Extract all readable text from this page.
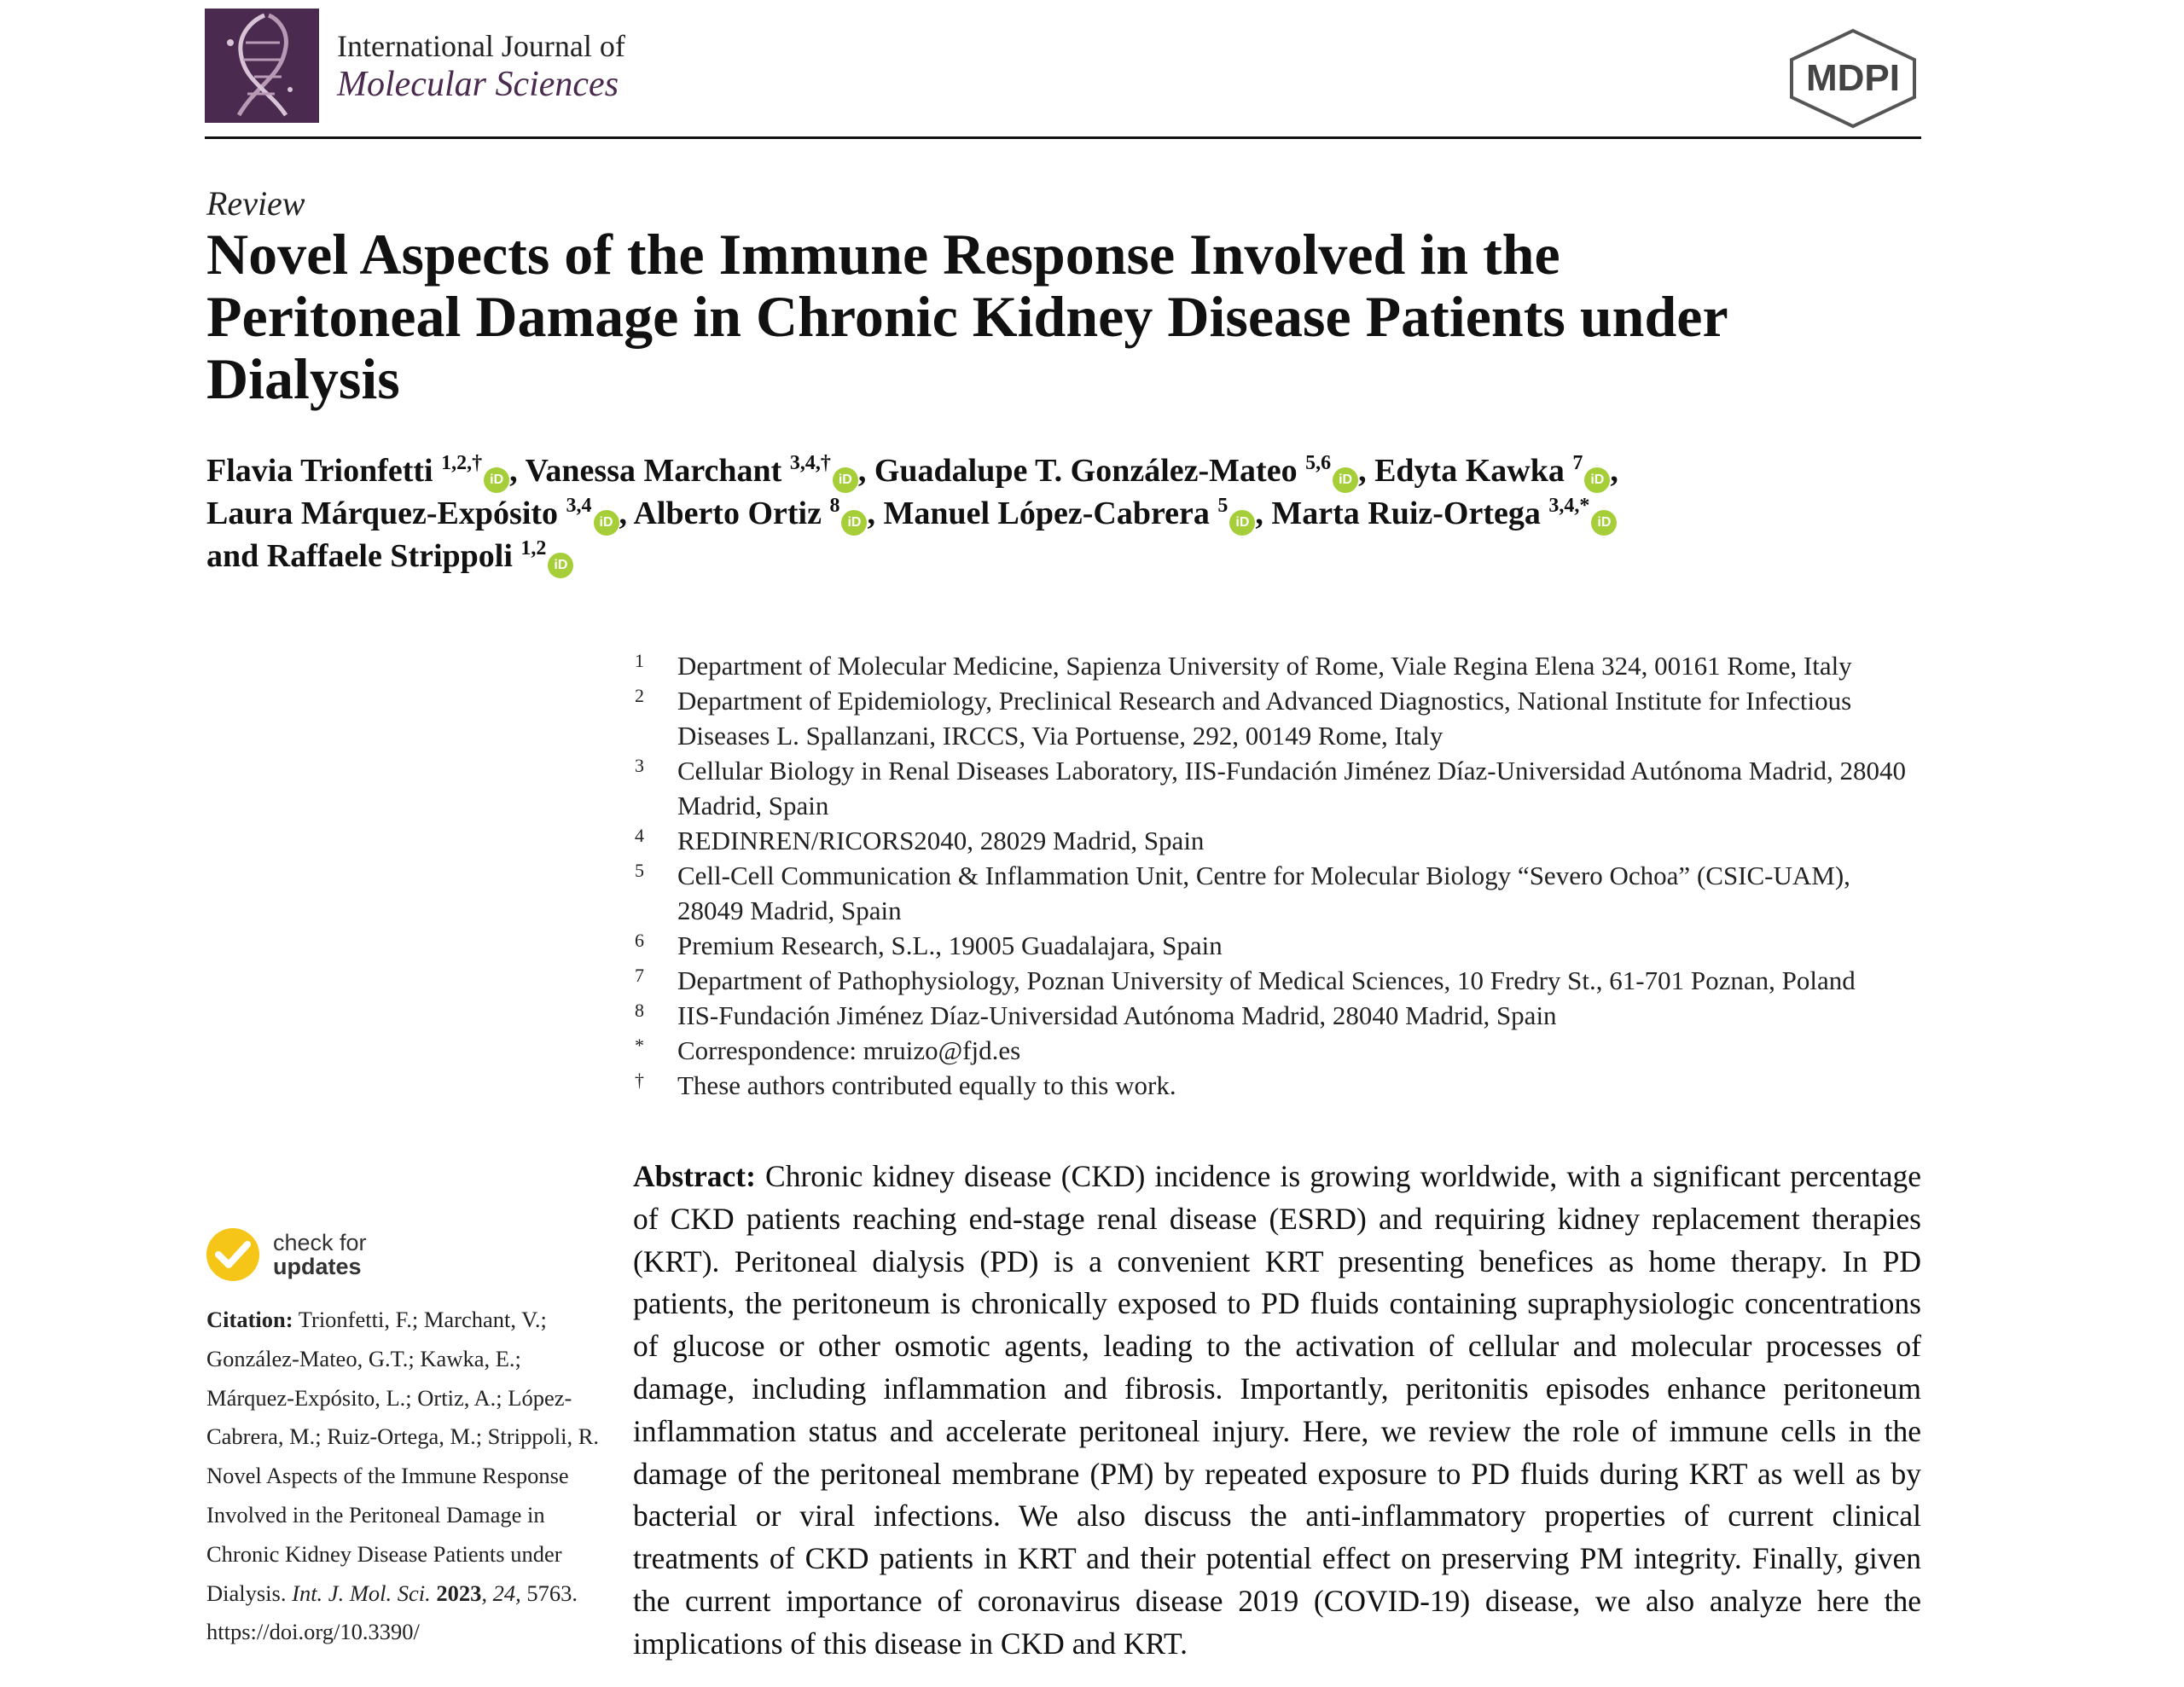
International Journal of
Molecular Sciences	MDPI
Review
Novel Aspects of the Immune Response Involved in the Peritoneal Damage in Chronic Kidney Disease Patients under Dialysis
Flavia Trionfetti $^{1,2,\dagger}$iD , Vanessa Marchant $^{3,4,\dagger}$iD , Guadalupe T. González-Mateo $^{5,6}$iD , Edyta Kawka $^7$iD ,
Laura Márquez-Expósito $^{3,4}$iD , Alberto Ortiz $^8$iD , Manuel López-Cabrera $^5$iD , Marta Ruiz-Ortega $^{3,4,*}$iD
and Raffaele Strippoli $^{1,2}$iD
1	Department of Molecular Medicine, Sapienza University of Rome, Viale Regina Elena 324, 00161 Rome, Italy
2	Department of Epidemiology, Preclinical Research and Advanced Diagnostics, National Institute for Infectious Diseases L. Spallanzani, IRCCS, Via Portuense, 292, 00149 Rome, Italy
3	Cellular Biology in Renal Diseases Laboratory, IIS-Fundación Jiménez Díaz-Universidad Autónoma Madrid, 28040 Madrid, Spain
4	REDINREN/RICORS2040, 28029 Madrid, Spain
5	Cell-Cell Communication & Inflammation Unit, Centre for Molecular Biology “Severo Ochoa” (CSIC-UAM), 28049 Madrid, Spain
6	Premium Research, S.L., 19005 Guadalajara, Spain
7	Department of Pathophysiology, Poznan University of Medical Sciences, 10 Fredry St., 61-701 Poznan, Poland
8	IIS-Fundación Jiménez Díaz-Universidad Autónoma Madrid, 28040 Madrid, Spain
*	Correspondence: mruizo@fjd.es
†	These authors contributed equally to this work.
Abstract: Chronic kidney disease (CKD) incidence is growing worldwide, with a significant percentage of CKD patients reaching end-stage renal disease (ESRD) and requiring kidney replacement therapies (KRT). Peritoneal dialysis (PD) is a convenient KRT presenting benefices as home therapy. In PD patients, the peritoneum is chronically exposed to PD fluids containing supraphysiologic concentrations of glucose or other osmotic agents, leading to the activation of cellular and molecular processes of damage, including inflammation and fibrosis. Importantly, peritonitis episodes enhance peritoneum inflammation status and accelerate peritoneal injury. Here, we review the role of immune cells in the damage of the peritoneal membrane (PM) by repeated exposure to PD fluids during KRT as well as by bacterial or viral infections. We also discuss the anti-inflammatory properties of current clinical treatments of CKD patients in KRT and their potential effect on preserving PM integrity. Finally, given the current importance of coronavirus disease 2019 (COVID-19) disease, we also analyze here the implications of this disease in CKD and KRT.
check for
updates
Citation: Trionfetti, F.; Marchant, V.; González-Mateo, G.T.; Kawka, E.; Márquez-Expósito, L.; Ortiz, A.; López-Cabrera, M.; Ruiz-Ortega, M.; Strippoli, R. Novel Aspects of the Immune Response Involved in the Peritoneal Damage in Chronic Kidney Disease Patients under Dialysis. Int. J. Mol. Sci. 2023, 24, 5763. https://doi.org/10.3390/
